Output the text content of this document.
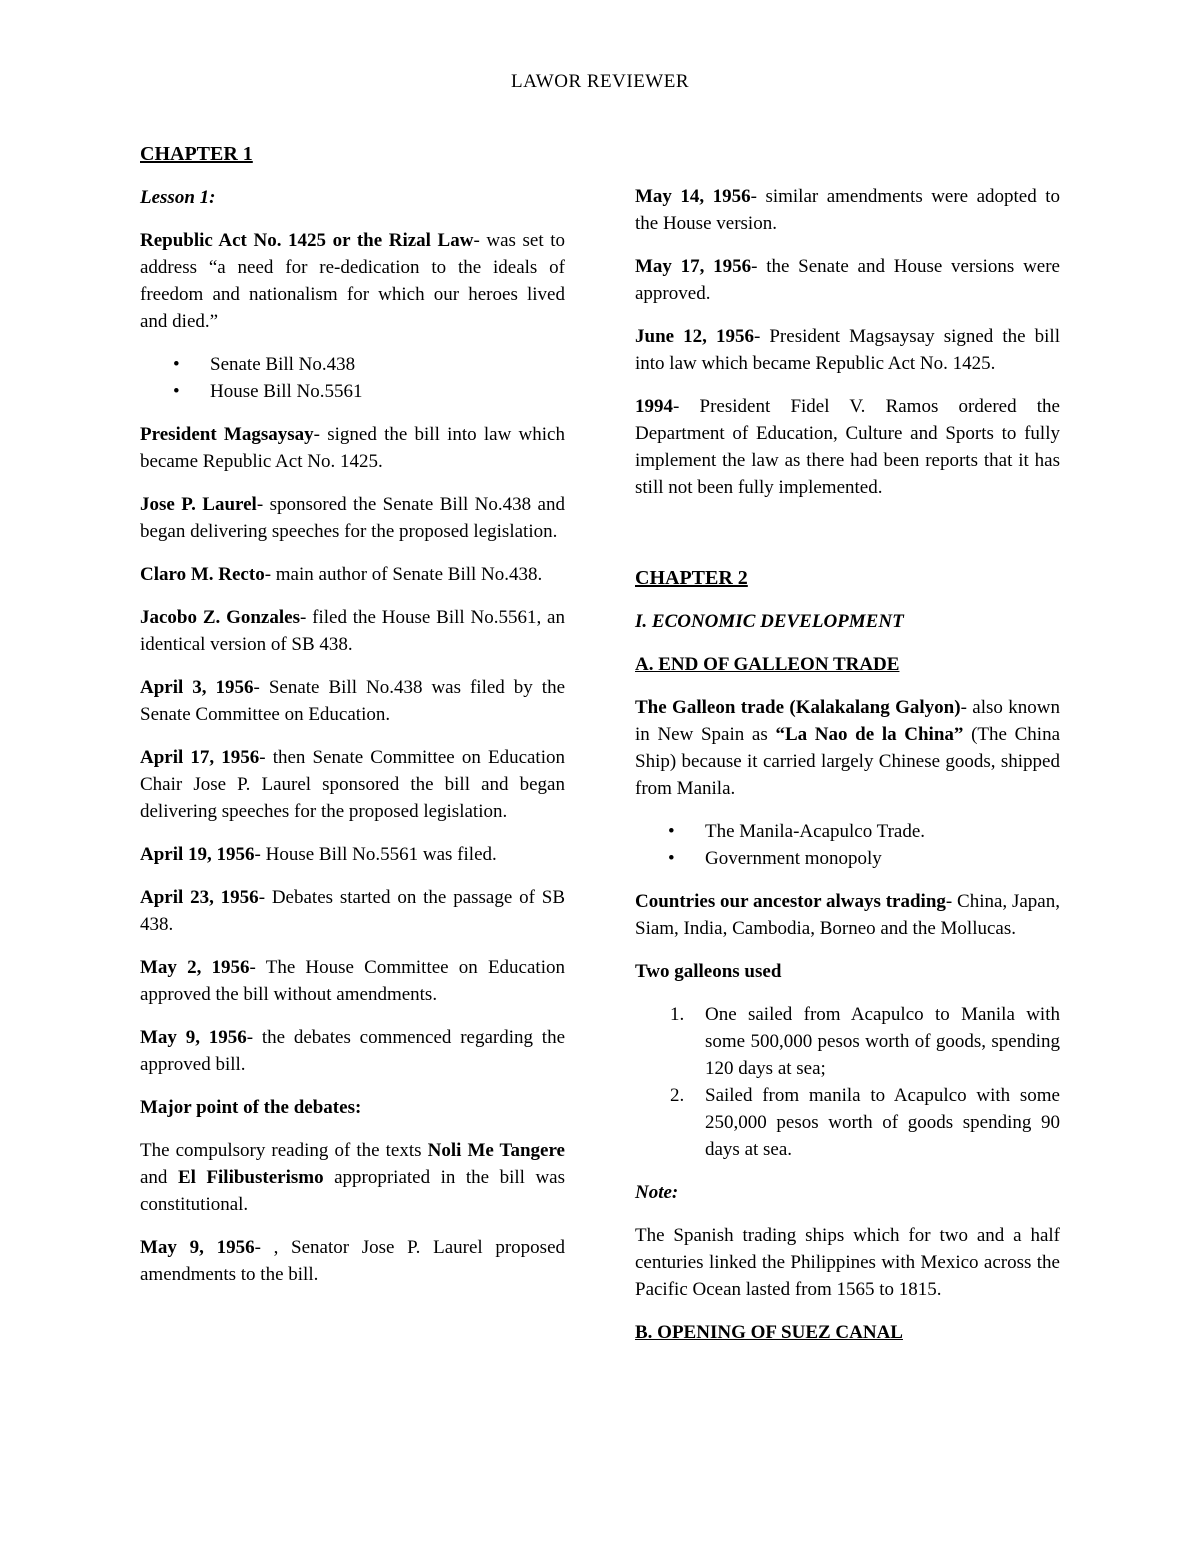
LAWOR REVIEWER

CHAPTER 1

Lesson 1:

Republic Act No. 1425 or the Rizal Law- was set to address “a need for re-dedication to the ideals of freedom and nationalism for which our heroes lived and died.”

• Senate Bill No.438
• House Bill No.5561

President Magsaysay- signed the bill into law which became Republic Act No. 1425.

Jose P. Laurel- sponsored the Senate Bill No.438 and began delivering speeches for the proposed legislation.

Claro M. Recto- main author of Senate Bill No.438.

Jacobo Z. Gonzales- filed the House Bill No.5561, an identical version of SB 438.

April 3, 1956- Senate Bill No.438 was filed by the Senate Committee on Education.

April 17, 1956- then Senate Committee on Education Chair Jose P. Laurel sponsored the bill and began delivering speeches for the proposed legislation.

April 19, 1956- House Bill No.5561 was filed.

April 23, 1956- Debates started on the passage of SB 438.

May 2, 1956- The House Committee on Education approved the bill without amendments.

May 9, 1956- the debates commenced regarding the approved bill.

Major point of the debates:

The compulsory reading of the texts Noli Me Tangere and El Filibusterismo appropriated in the bill was constitutional.

May 9, 1956- , Senator Jose P. Laurel proposed amendments to the bill.

May 14, 1956- similar amendments were adopted to the House version.

May 17, 1956- the Senate and House versions were approved.

June 12, 1956- President Magsaysay signed the bill into law which became Republic Act No. 1425.

1994- President Fidel V. Ramos ordered the Department of Education, Culture and Sports to fully implement the law as there had been reports that it has still not been fully implemented.

CHAPTER 2

I. ECONOMIC DEVELOPMENT

A. END OF GALLEON TRADE

The Galleon trade (Kalakalang Galyon)- also known in New Spain as “La Nao de la China” (The China Ship) because it carried largely Chinese goods, shipped from Manila.

• The Manila-Acapulco Trade.
• Government monopoly

Countries our ancestor always trading- China, Japan, Siam, India, Cambodia, Borneo and the Mollucas.

Two galleons used

1. One sailed from Acapulco to Manila with some 500,000 pesos worth of goods, spending 120 days at sea;
2. Sailed from manila to Acapulco with some 250,000 pesos worth of goods spending 90 days at sea.

Note:

The Spanish trading ships which for two and a half centuries linked the Philippines with Mexico across the Pacific Ocean lasted from 1565 to 1815.

B. OPENING OF SUEZ CANAL
